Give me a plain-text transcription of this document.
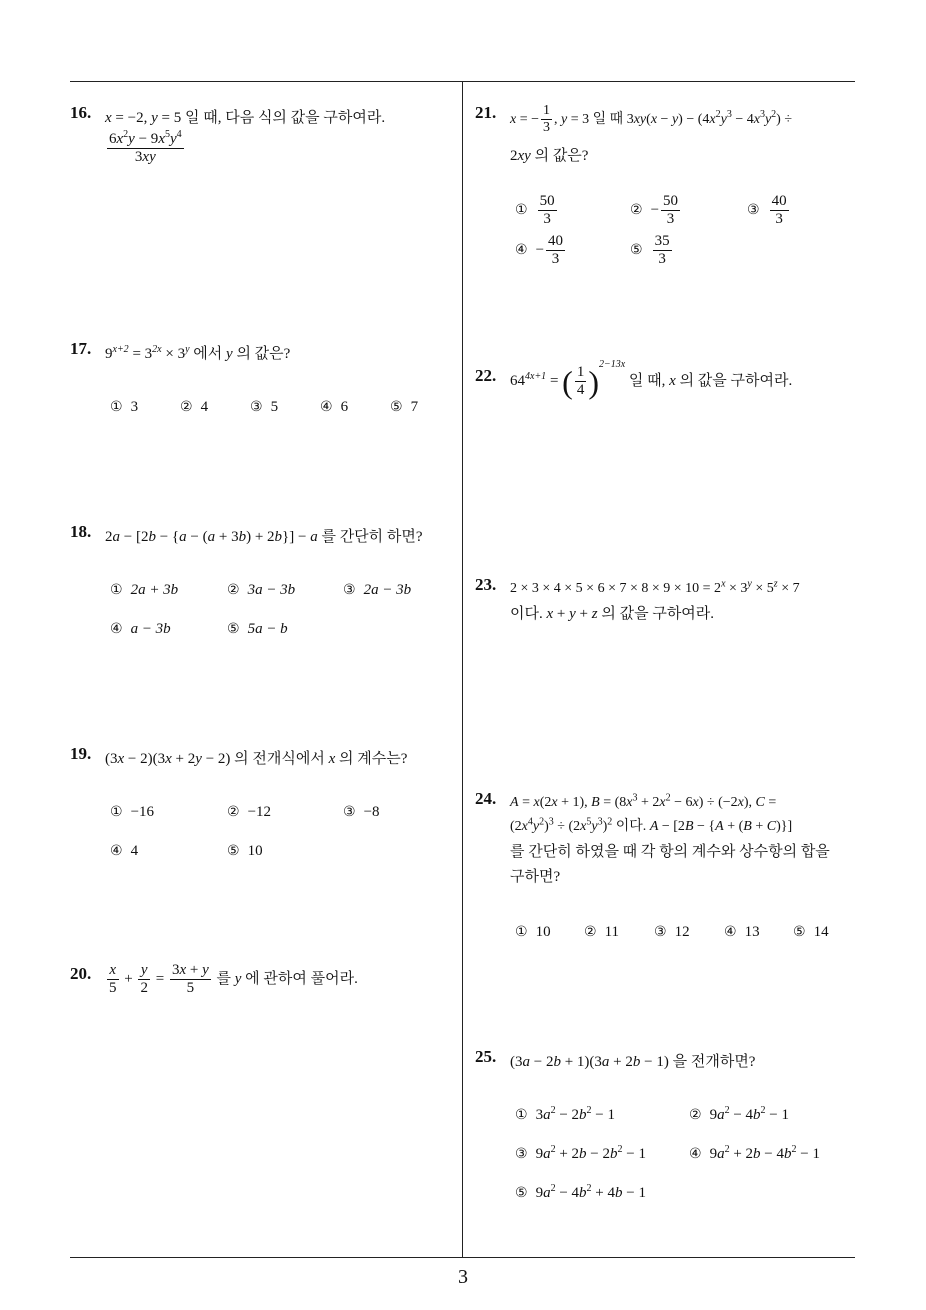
16. x = −2, y = 5 일 때, 다음 식의 값을 구하여라.
$\frac{6x^2y - 9x^5y^4}{3xy}$
17. $9^{x+2} = 3^{2x} \times 3^y$ 에서 y 의 값은?
① 3	② 4	③ 5	④ 6	⑤ 7
18. 2a − [2b − {a − (a + 3b) + 2b}] − a 를 간단히 하면?
① 2a + 3b	② 3a − 3b	③ 2a − 3b
④ a − 3b	⑤ 5a − b
19. (3x − 2)(3x + 2y − 2) 의 전개식에서 x 의 계수는?
① −16	② −12	③ −8
④ 4	⑤ 10
20. $\frac{x}{5} + \frac{y}{2} = \frac{3x + y}{5}$ 를 y 에 관하여 풀어라.
21. x = − $\frac{1}{3}$ , y = 3 일 때 $3xy(x - y) - (4x^2y^3 - 4x^3y^2)$ ÷
2xy 의 값은?
① $\frac{50}{3}$	② − $\frac{50}{3}$	③ $\frac{40}{3}$
④ − $\frac{40}{3}$	⑤ $\frac{35}{3}$
22. $64^{4x+1}$ = ( $\frac{1}{4} )^{2-13x}$ 일 때, x 의 값을 구하여라.
23. $2 \times 3 \times 4 \times 5 \times 6 \times 7 \times 8 \times 9 \times 10 = 2^x \times 3^y \times 5^z \times 7$
이다. x + y + z 의 값을 구하여라.
24. A = x(2x + 1), $B = (8x^3 + 2x^2 - 6x) \div (-2x)$, C =
$(2x^4y^2)^3 \div (2x^5y^3)^2$ 이다. A − [2B − {A + (B + C)}]
를 간단히 하였을 때 각 항의 계수와 상수항의 합을
구하면?
① 10 ② 11 ③ 12 ④ 13 ⑤ 14
25. (3a − 2b + 1)(3a + 2b − 1) 을 전개하면?
① $3a^2 - 2b^2 - 1$	② $9a^2 - 4b^2 - 1$
③ $9a^2 + 2b - 2b^2 - 1$	④ $9a^2 + 2b - 4b^2 - 1$
⑤ $9a^2 - 4b^2 + 4b - 1$
3
